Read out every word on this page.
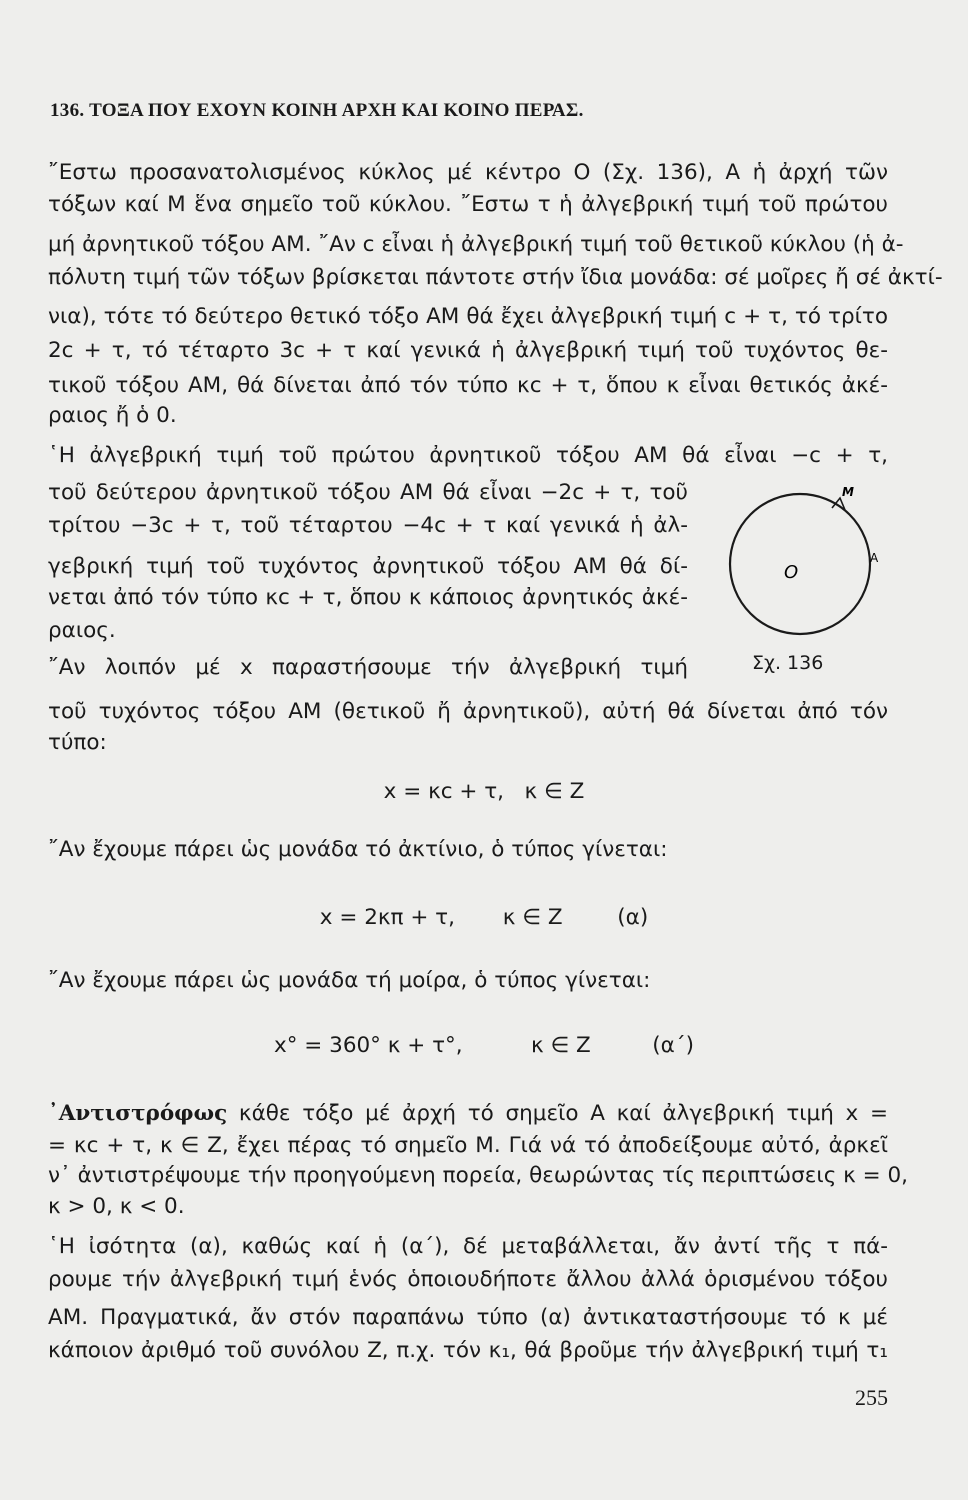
136. ΤΟΞΑ ΠΟΥ ΕΧΟΥΝ ΚΟΙΝΗ ΑΡΧΗ ΚΑΙ ΚΟΙΝΟ ΠΕΡΑΣ.
῎Εστω προσανατολισμένος κύκλος μέ κέντρο Ο (Σχ. 136), Α ἡ ἀρχή τῶν
τόξων καί Μ ἕνα σημεῖο τοῦ κύκλου. ῎Εστω τ ἡ ἀλγεβρική τιμή τοῦ πρώτου
μή ἀρνητικοῦ τόξου ΑΜ. ῎Αν c εἶναι ἡ ἀλγεβρική τιμή τοῦ θετικοῦ κύκλου (ἡ ἀ-
πόλυτη τιμή τῶν τόξων βρίσκεται πάντοτε στήν ἴδια μονάδα: σέ μοῖρες ἤ σέ ἀκτί-
νια), τότε τό δεύτερο θετικό τόξο ΑΜ θά ἔχει ἀλγεβρική τιμή c + τ, τό τρίτο
2c + τ, τό τέταρτο 3c + τ καί γενικά ἡ ἀλγεβρική τιμή τοῦ τυχόντος θε-
τικοῦ τόξου ΑΜ, θά δίνεται ἀπό τόν τύπο κc + τ, ὅπου κ εἶναι θετικός ἀκέ-
ραιος ἤ ὁ 0.
῾Η ἀλγεβρική τιμή τοῦ πρώτου ἀρνητικοῦ τόξου ΑΜ θά εἶναι −c + τ,
τοῦ δεύτερου ἀρνητικοῦ τόξου ΑΜ θά εἶναι −2c + τ, τοῦ
τρίτου −3c + τ, τοῦ τέταρτου −4c + τ καί γενικά ἡ ἀλ-
γεβρική τιμή τοῦ τυχόντος ἀρνητικοῦ τόξου ΑΜ θά δί-
νεται ἀπό τόν τύπο κc + τ, ὅπου κ κάποιος ἀρνητικός ἀκέ-
ραιος.
῎Αν λοιπόν μέ x παραστήσουμε τήν ἀλγεβρική τιμή
O
A
M
Σχ. 136
τοῦ τυχόντος τόξου ΑΜ (θετικοῦ ἤ ἀρνητικοῦ), αὐτή θά δίνεται ἀπό τόν
τύπο:
x = κc + τ,   κ ∈ Ζ
῎Αν ἔχουμε πάρει ὡς μονάδα τό ἀκτίνιο, ὁ τύπος γίνεται:
x = 2κπ + τ,       κ ∈ Ζ        (α)
῎Αν ἔχουμε πάρει ὡς μονάδα τή μοίρα, ὁ τύπος γίνεται:
x° = 360° κ + τ°,          κ ∈ Ζ         (α΄)
᾿Αντιστρόφως κάθε τόξο μέ ἀρχή τό σημεῖο Α καί ἀλγεβρική τιμή x =
= κc + τ, κ ∈ Ζ, ἔχει πέρας τό σημεῖο Μ. Γιά νά τό ἀποδείξουμε αὐτό, ἀρκεῖ
ν᾿ ἀντιστρέψουμε τήν προηγούμενη πορεία, θεωρώντας τίς περιπτώσεις κ = 0,
κ > 0, κ < 0.
῾Η ἰσότητα (α), καθώς καί ἡ (α΄), δέ μεταβάλλεται, ἄν ἀντί τῆς τ πά-
ρουμε τήν ἀλγεβρική τιμή ἑνός ὁποιουδήποτε ἄλλου ἀλλά ὁρισμένου τόξου
ΑΜ. Πραγματικά, ἄν στόν παραπάνω τύπο (α) ἀντικαταστήσουμε τό κ μέ
κάποιον ἀριθμό τοῦ συνόλου Ζ, π.χ. τόν κ₁, θά βροῦμε τήν ἀλγεβρική τιμή τ₁
255
